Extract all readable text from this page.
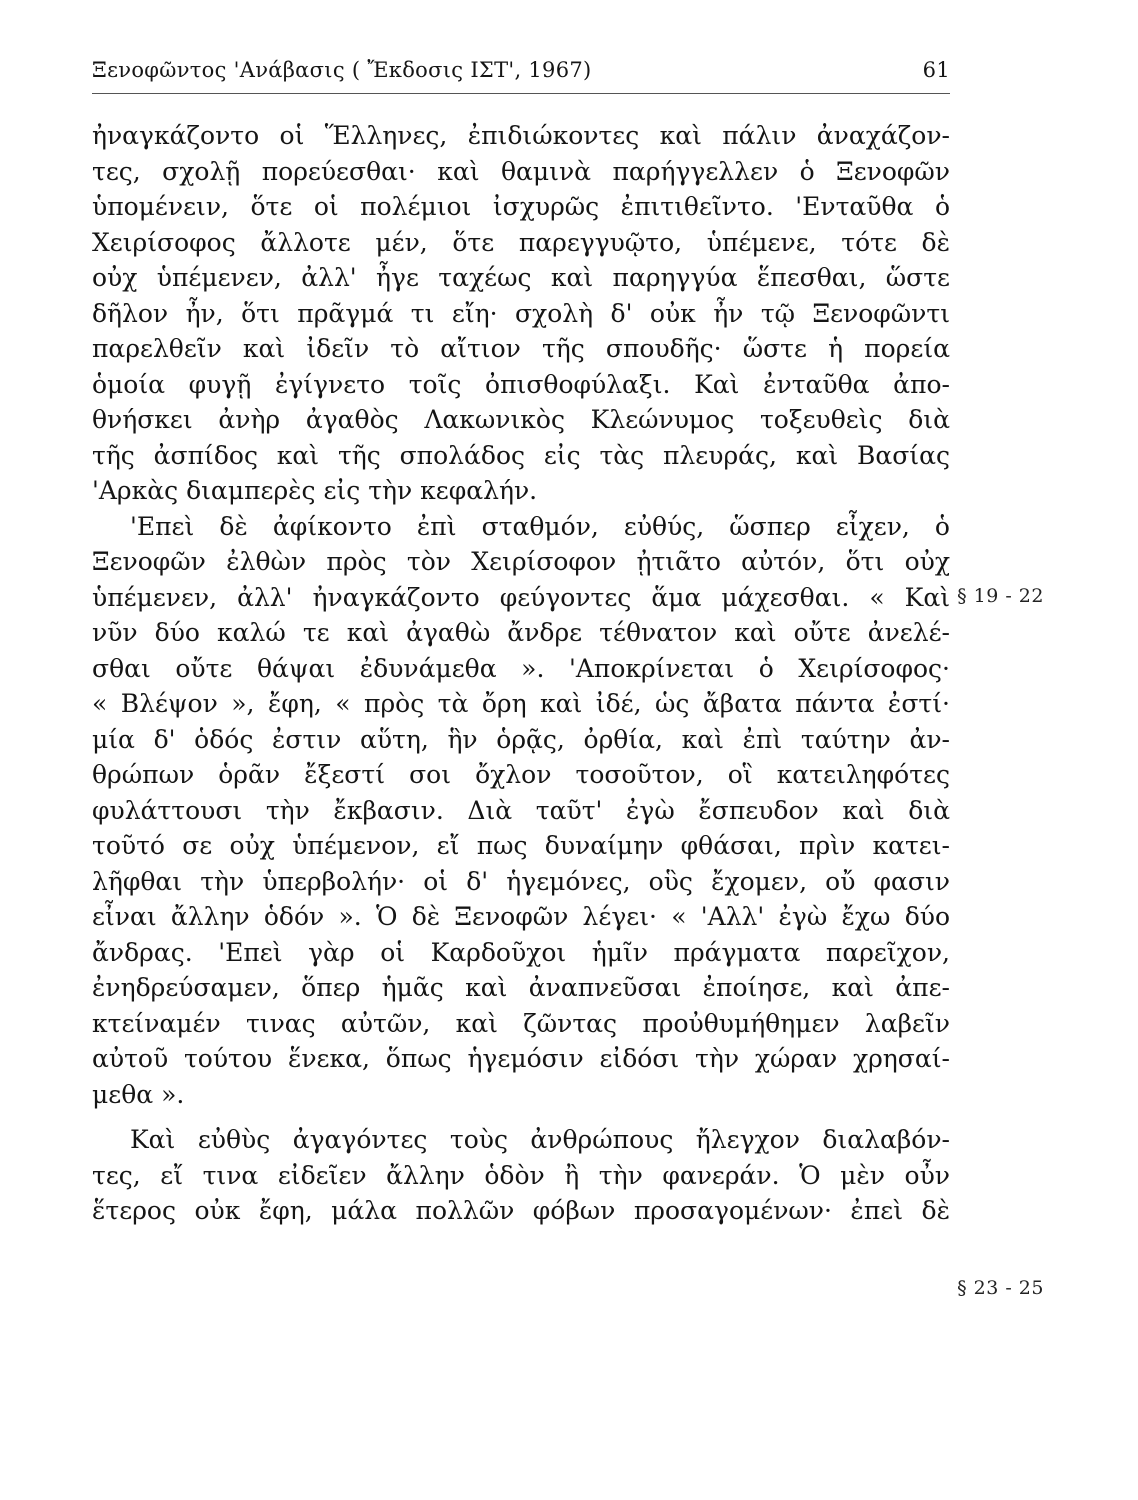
Ξενοφῶντος 'Ανάβασις ( Ἔκδοσις ΙΣΤ', 1967)	61
ἠναγκάζοντο οἱ Ἕλληνες, ἐπιδιώκοντες καὶ πάλιν ἀναχάζον-
τες, σχολῇ πορεύεσθαι· καὶ θαμινὰ παρήγγελλεν ὁ Ξενοφῶν
ὑπομένειν, ὅτε οἱ πολέμιοι ἰσχυρῶς ἐπιτιθεῖντο. 'Ενταῦθα ὁ
Χειρίσοφος ἄλλοτε μέν, ὅτε παρεγγυῷτο, ὑπέμενε, τότε δὲ
οὐχ ὑπέμενεν, ἀλλ' ἦγε ταχέως καὶ παρηγγύα ἕπεσθαι, ὥστε
δῆλον ἦν, ὅτι πρᾶγμά τι εἴη· σχολὴ δ' οὐκ ἦν τῷ Ξενοφῶντι
παρελθεῖν καὶ ἰδεῖν τὸ αἴτιον τῆς σπουδῆς· ὥστε ἡ πορεία
ὁμοία φυγῇ ἐγίγνετο τοῖς ὀπισθοφύλαξι. Καὶ ἐνταῦθα ἀπο-
θνήσκει ἀνὴρ ἀγαθὸς Λακωνικὸς Κλεώνυμος τοξευθεὶς διὰ
τῆς ἀσπίδος καὶ τῆς σπολάδος εἰς τὰς πλευράς, καὶ Βασίας
'Αρκὰς διαμπερὲς εἰς τὴν κεφαλήν.
'Επεὶ δὲ ἀφίκοντο ἐπὶ σταθμόν, εὐθύς, ὥσπερ εἶχεν, ὁ
Ξενοφῶν ἐλθὼν πρὸς τὸν Χειρίσοφον ᾐτιᾶτο αὐτόν, ὅτι οὐχ
ὑπέμενεν, ἀλλ' ἠναγκάζοντο φεύγοντες ἅμα μάχεσθαι. « Καὶ
νῦν δύο καλώ τε καὶ ἀγαθὼ ἄνδρε τέθνατον καὶ οὔτε ἀνελέ-
σθαι οὔτε θάψαι ἐδυνάμεθα ». 'Αποκρίνεται ὁ Χειρίσοφος·
« Βλέψον », ἔφη, « πρὸς τὰ ὄρη καὶ ἰδέ, ὡς ἄβατα πάντα ἐστί·
μία δ' ὁδός ἐστιν αὕτη, ἣν ὁρᾷς, ὀρθία, καὶ ἐπὶ ταύτην ἀν-
θρώπων ὁρᾶν ἔξεστί σοι ὄχλον τοσοῦτον, οἳ κατειληφότες
φυλάττουσι τὴν ἔκβασιν. Διὰ ταῦτ' ἐγὼ ἔσπευδον καὶ διὰ
τοῦτό σε οὐχ ὑπέμενον, εἴ πως δυναίμην φθάσαι, πρὶν κατει-
λῆφθαι τὴν ὑπερβολήν· οἱ δ' ἡγεμόνες, οὓς ἔχομεν, οὔ φασιν
εἶναι ἄλλην ὁδόν ». Ὁ δὲ Ξενοφῶν λέγει· « 'Αλλ' ἐγὼ ἔχω δύο
ἄνδρας. 'Επεὶ γὰρ οἱ Καρδοῦχοι ἡμῖν πράγματα παρεῖχον,
ἐνηδρεύσαμεν, ὅπερ ἡμᾶς καὶ ἀναπνεῦσαι ἐποίησε, καὶ ἀπε-
κτείναμέν τινας αὐτῶν, καὶ ζῶντας προὐθυμήθημεν λαβεῖν
αὐτοῦ τούτου ἕνεκα, ὅπως ἡγεμόσιν εἰδόσι τὴν χώραν χρησαί-
μεθα ».
Καὶ εὐθὺς ἀγαγόντες τοὺς ἀνθρώπους ἤλεγχον διαλαβόν-
τες, εἴ τινα εἰδεῖεν ἄλλην ὁδὸν ἢ τὴν φανεράν. Ὁ μὲν οὖν
ἕτερος οὐκ ἔφη, μάλα πολλῶν φόβων προσαγομένων· ἐπεὶ δὲ
§ 19 - 22
§ 23 - 25
